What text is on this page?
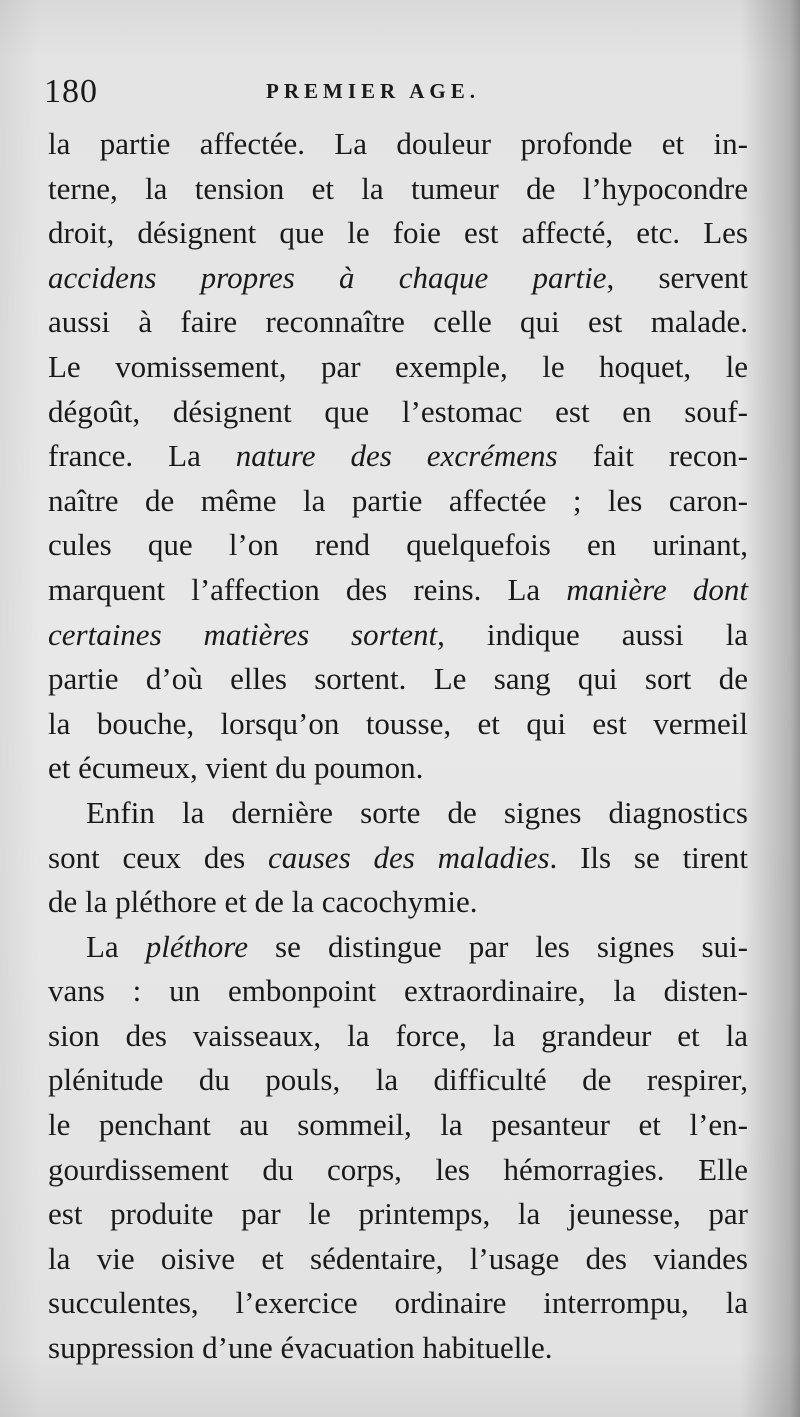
180	PREMIER AGE.
la partie affectée. La douleur profonde et in-
terne, la tension et la tumeur de l’hypocondre
droit, désignent que le foie est affecté, etc. Les
accidens propres à chaque partie, servent
aussi à faire reconnaître celle qui est malade.
Le vomissement, par exemple, le hoquet, le
dégoût, désignent que l’estomac est en souf-
france. La nature des excrémens fait recon-
naître de même la partie affectée ; les caron-
cules que l’on rend quelquefois en urinant,
marquent l’affection des reins. La manière dont
certaines matières sortent, indique aussi la
partie d’où elles sortent. Le sang qui sort de
la bouche, lorsqu’on tousse, et qui est vermeil
et écumeux, vient du poumon.
Enfin la dernière sorte de signes diagnostics
sont ceux des causes des maladies. Ils se tirent
de la pléthore et de la cacochymie.
La pléthore se distingue par les signes sui-
vans : un embonpoint extraordinaire, la disten-
sion des vaisseaux, la force, la grandeur et la
plénitude du pouls, la difficulté de respirer,
le penchant au sommeil, la pesanteur et l’en-
gourdissement du corps, les hémorragies. Elle
est produite par le printemps, la jeunesse, par
la vie oisive et sédentaire, l’usage des viandes
succulentes, l’exercice ordinaire interrompu, la
suppression d’une évacuation habituelle.
